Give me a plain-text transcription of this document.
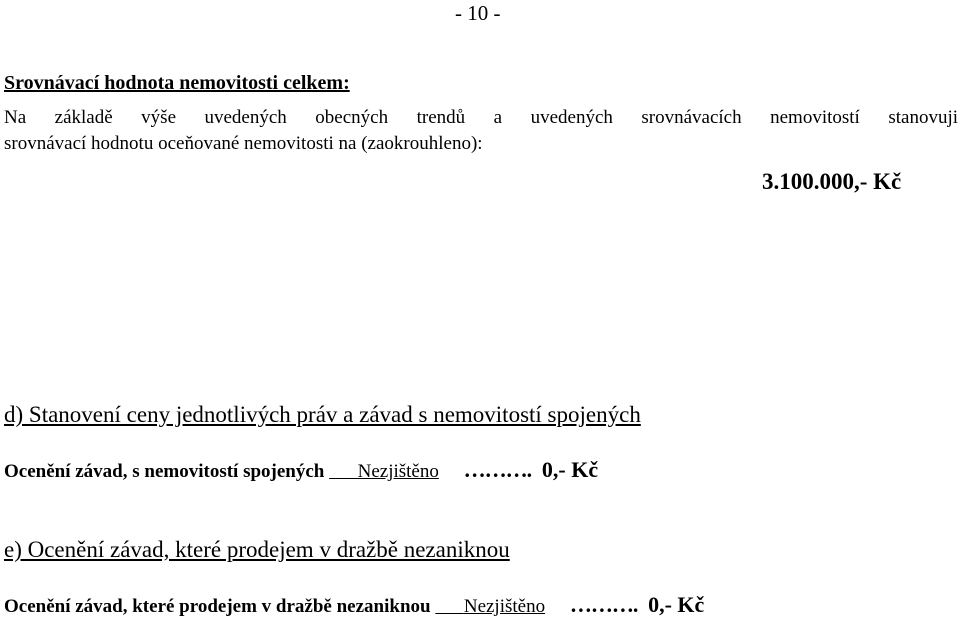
- 10 -
Srovnávací hodnota nemovitosti celkem:
Na základě výše uvedených obecných trendů a uvedených srovnávacích nemovitostí stanovuji
srovnávací hodnotu oceňované nemovitosti na (zaokrouhleno):
3.100.000,- Kč
d) Stanovení ceny jednotlivých práv a závad s nemovitostí spojených
Ocenění závad, s nemovitostí spojených Nezjištěno ………. 0,- Kč
e) Ocenění závad, které prodejem v dražbě nezaniknou
Ocenění závad, které prodejem v dražbě nezaniknou Nezjištěno ………. 0,- Kč
